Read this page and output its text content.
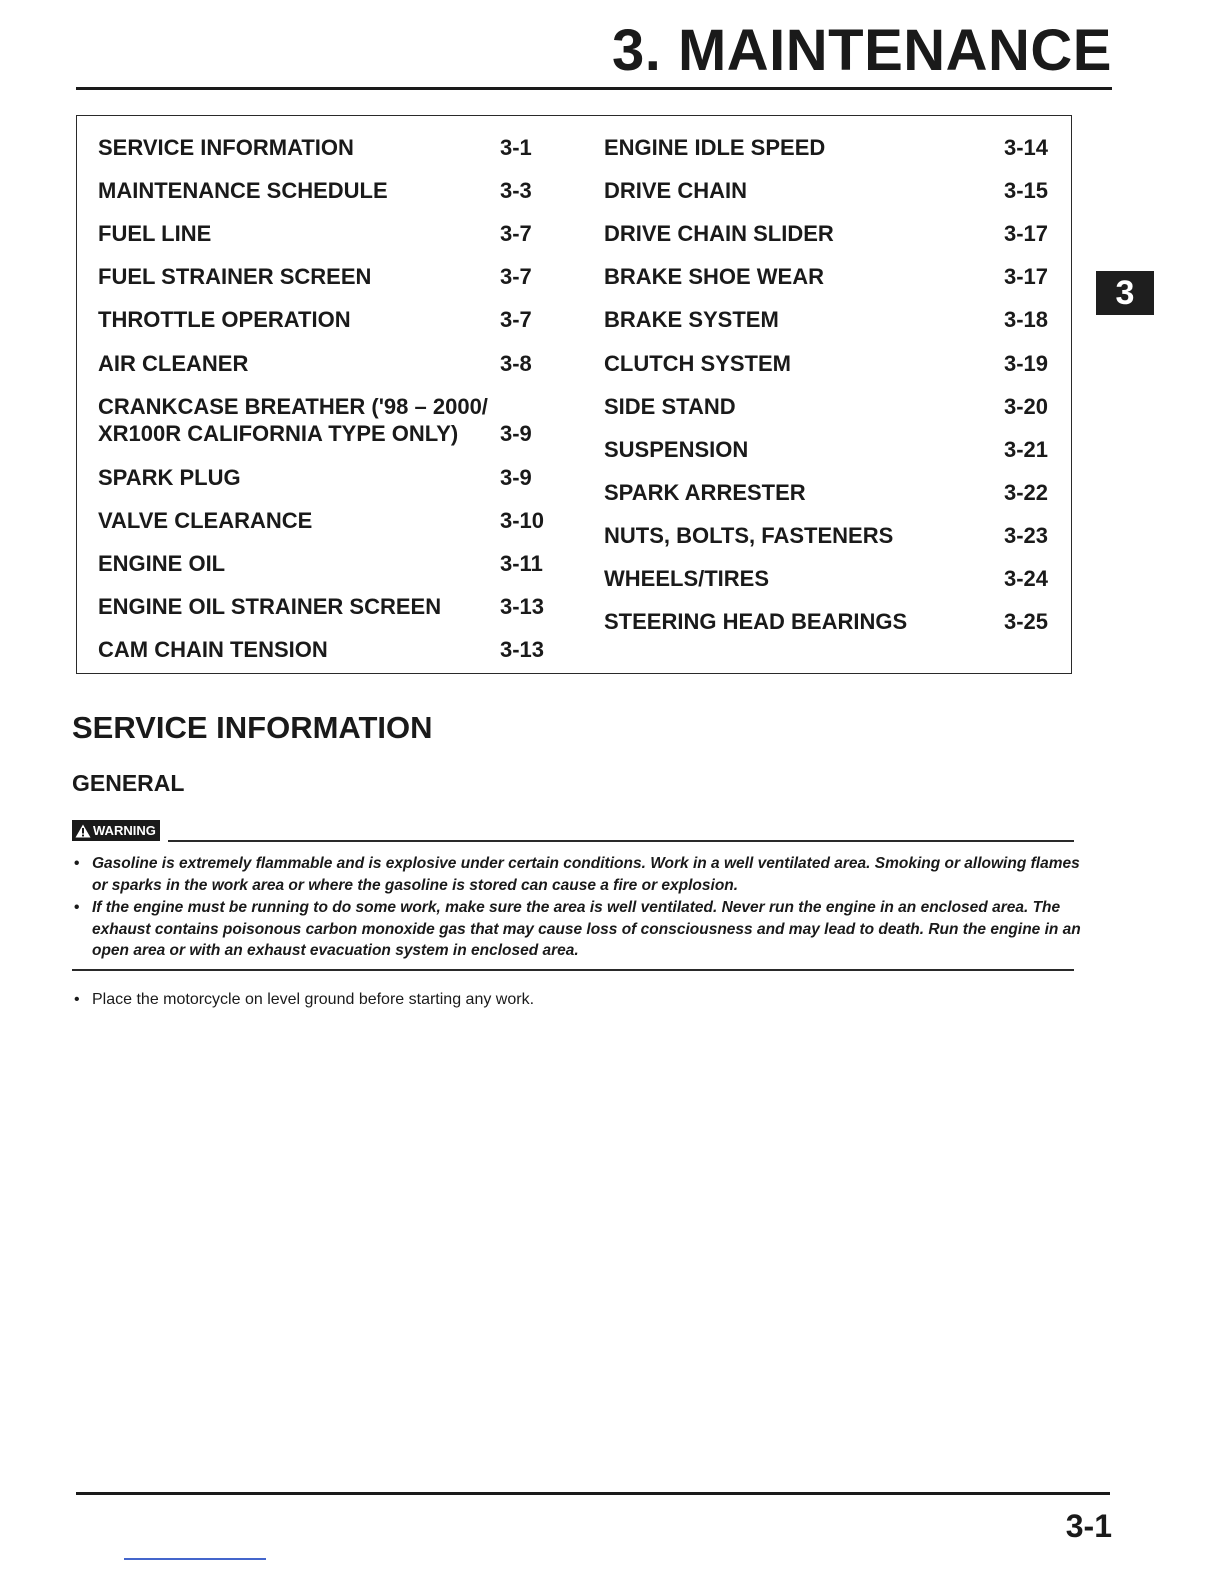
3. MAINTENANCE
SERVICE INFORMATION	3-1
MAINTENANCE SCHEDULE	3-3
FUEL LINE	3-7
FUEL STRAINER SCREEN	3-7
THROTTLE OPERATION	3-7
AIR CLEANER	3-8
CRANKCASE BREATHER ('98 – 2000/
XR100R CALIFORNIA TYPE ONLY) 3-9
SPARK PLUG	3-9
VALVE CLEARANCE	3-10
ENGINE OIL	3-11
ENGINE OIL STRAINER SCREEN	3-13
CAM CHAIN TENSION	3-13
ENGINE IDLE SPEED	3-14
DRIVE CHAIN	3-15
DRIVE CHAIN SLIDER	3-17
BRAKE SHOE WEAR	3-17
BRAKE SYSTEM	3-18
CLUTCH SYSTEM	3-19
SIDE STAND	3-20
SUSPENSION	3-21
SPARK ARRESTER	3-22
NUTS, BOLTS, FASTENERS	3-23
WHEELS/TIRES	3-24
STEERING HEAD BEARINGS	3-25
3
SERVICE INFORMATION
GENERAL
WARNING
• Gasoline is extremely flammable and is explosive under certain conditions. Work in a well ventilated area. Smoking or allowing flames or sparks in the work area or where the gasoline is stored can cause a fire or explosion.
• If the engine must be running to do some work, make sure the area is well ventilated. Never run the engine in an enclosed area. The exhaust contains poisonous carbon monoxide gas that may cause loss of consciousness and may lead to death. Run the engine in an open area or with an exhaust evacuation system in enclosed area.
• Place the motorcycle on level ground before starting any work.
3-1
